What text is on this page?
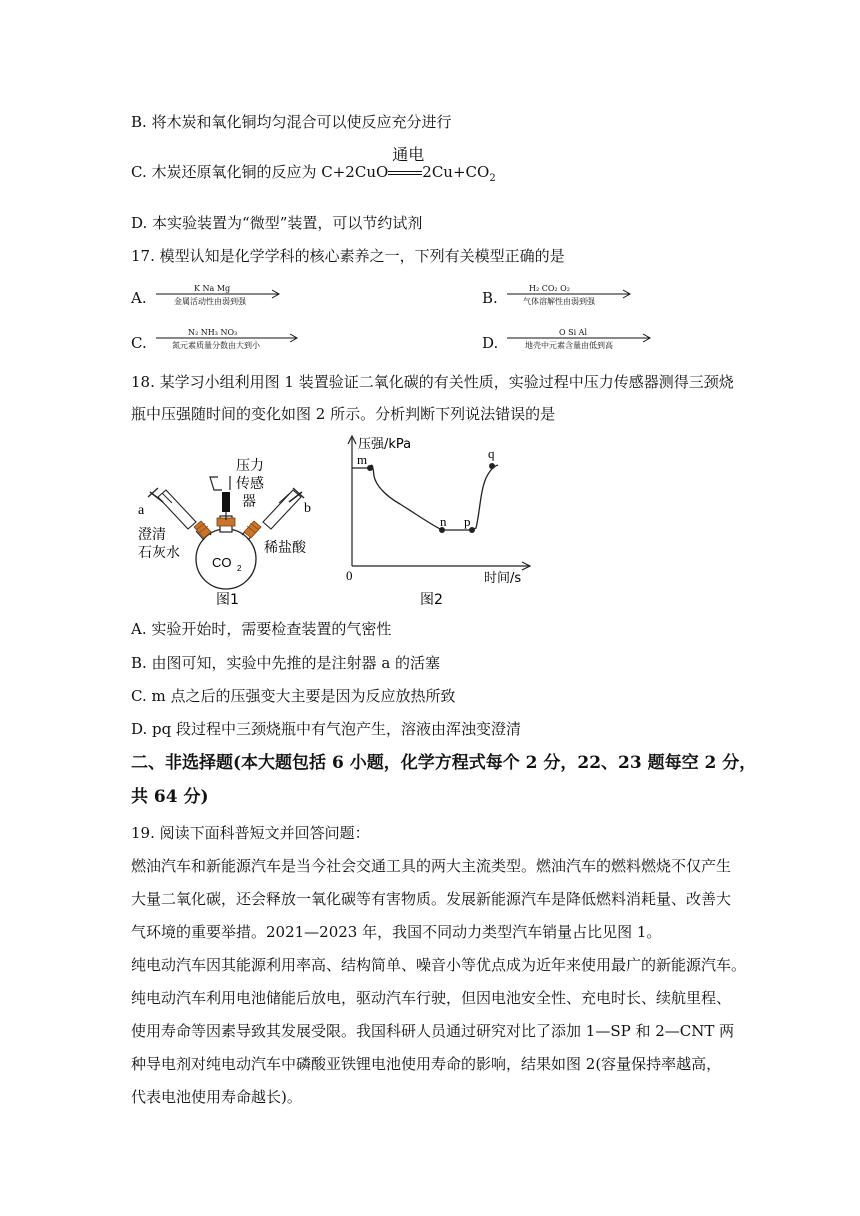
B. 将木炭和氧化铜均匀混合可以使反应充分进行
C. 木炭还原氧化铜的反应为 C+2CuO
通电
$2Cu+CO_2$
D. 本实验装置为“微型”装置，可以节约试剂
17. 模型认知是化学学科的核心素养之一，下列有关模型正确的是
A.
K Na Mg
金属活动性由弱到强	B.
H₂ CO₂ O₂
气体溶解性由弱到强
C.
N₂ NH₃ NO₃
氮元素质量分数由大到小	D.
O Si Al
地壳中元素含量由低到高
18. 某学习小组利用图 1 装置验证二氧化碳的有关性质，实验过程中压力传感器测得三颈烧
瓶中压强随时间的变化如图 2 所示。分析判断下列说法错误的是
a	b
压力
传感
器
澄清
石灰水	稀盐酸
CO 2
图1
压强/kPa
时间/s
0
m
n p
q
图2
A. 实验开始时，需要检查装置的气密性
B. 由图可知，实验中先推的是注射器 a 的活塞
C. m 点之后的压强变大主要是因为反应放热所致
D. pq 段过程中三颈烧瓶中有气泡产生，溶液由浑浊变澄清
二、非选择题(本大题包括 6 小题，化学方程式每个 2 分，22、23 题每空 2 分，
共 64 分)
19. 阅读下面科普短文并回答问题：
燃油汽车和新能源汽车是当今社会交通工具的两大主流类型。燃油汽车的燃料燃烧不仅产生
大量二氧化碳，还会释放一氧化碳等有害物质。发展新能源汽车是降低燃料消耗量、改善大
气环境的重要举措。2021—2023 年，我国不同动力类型汽车销量占比见图 1。
纯电动汽车因其能源利用率高、结构简单、噪音小等优点成为近年来使用最广的新能源汽车。
纯电动汽车利用电池储能后放电，驱动汽车行驶，但因电池安全性、充电时长、续航里程、
使用寿命等因素导致其发展受限。我国科研人员通过研究对比了添加 1—SP 和 2—CNT 两
种导电剂对纯电动汽车中磷酸亚铁锂电池使用寿命的影响，结果如图 2(容量保持率越高，
代表电池使用寿命越长)。
